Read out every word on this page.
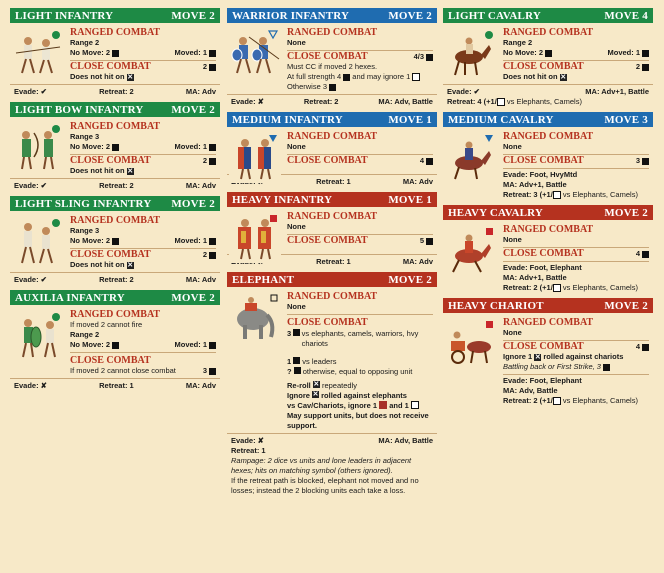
LIGHT INFANTRY	MOVE 2
RANGED COMBAT
Range 2
No Move: 2	Moved: 1
CLOSE COMBAT	2
Does not hit on ✕
Evade: ✔	Retreat: 2	MA: Adv
LIGHT BOW INFANTRY	MOVE 2
RANGED COMBAT
Range 3
No Move: 2	Moved: 1
CLOSE COMBAT	2
Does not hit on ✕
Evade: ✔	Retreat: 2	MA: Adv
LIGHT SLING INFANTRY MOVE 2
RANGED COMBAT
Range 3
No Move: 2	Moved: 1
CLOSE COMBAT	2
Does not hit on ✕
Evade: ✔	Retreat: 2	MA: Adv
AUXILIA INFANTRY	MOVE 2
RANGED COMBAT
If moved 2 cannot fire
Range 2
No Move: 2	Moved: 1
CLOSE COMBAT
If moved 2 cannot close combat	3
Evade: ✘	Retreat: 1	MA: Adv
WARRIOR INFANTRY	MOVE 2
RANGED COMBAT
None
CLOSE COMBAT	4/3
Must CC if moved 2 hexes.
At full strength 4 and may ignore 1
Otherwise 3
Evade: ✘	Retreat: 2	MA: Adv, Battle
MEDIUM INFANTRY	MOVE 1
RANGED COMBAT
None
CLOSE COMBAT	4
Retreat: 1	MA: Adv
HEAVY INFANTRY	MOVE 1
RANGED COMBAT
None
CLOSE COMBAT	5
Retreat: 1	MA: Adv
ELEPHANT	MOVE 2
RANGED COMBAT
None
CLOSE COMBAT
3
vs elephants, camels, warriors, hvy chariots
1
vs leaders
?
otherwise, equal to opposing unit
Re-roll
✕
repeatedly
Ignore
✕
rolled against elephants
vs Cav/Chariots, ignore 1

and 1

May support units, but does not receive support.
Evade: ✘	MA: Adv, Battle
Retreat: 1
Rampage: 2 dice vs units and lone leaders in adjacent hexes; hits on matching symbol (others ignored).
If the retreat path is blocked, elephant not moved and no losses; instead the 2 blocking units each take a loss.
LIGHT CAVALRY	MOVE 4
RANGED COMBAT
Range 2
No Move: 2	Moved: 1
CLOSE COMBAT	2
Does not hit on ✕
Evade: ✔	MA: Adv+1, Battle
Retreat: 4 (+1/ vs Elephants, Camels)
MEDIUM CAVALRY	MOVE 3
RANGED COMBAT
None
CLOSE COMBAT	3
Evade: Foot, HvyMtd
MA: Adv+1, Battle
Retreat: 3 (+1/ vs Elephants, Camels)
HEAVY CAVALRY	MOVE 2
RANGED COMBAT
None
CLOSE COMBAT	4
Evade: Foot, Elephant
MA: Adv+1, Battle
Retreat: 2 (+1/ vs Elephants, Camels)
HEAVY CHARIOT	MOVE 2
RANGED COMBAT
None
CLOSE COMBAT	4
Ignore 1 ✕ rolled against chariots
Battling back or First Strike, 3
Evade: Foot, Elephant
MA: Adv, Battle
Retreat: 2 (+1/ vs Elephants, Camels)
